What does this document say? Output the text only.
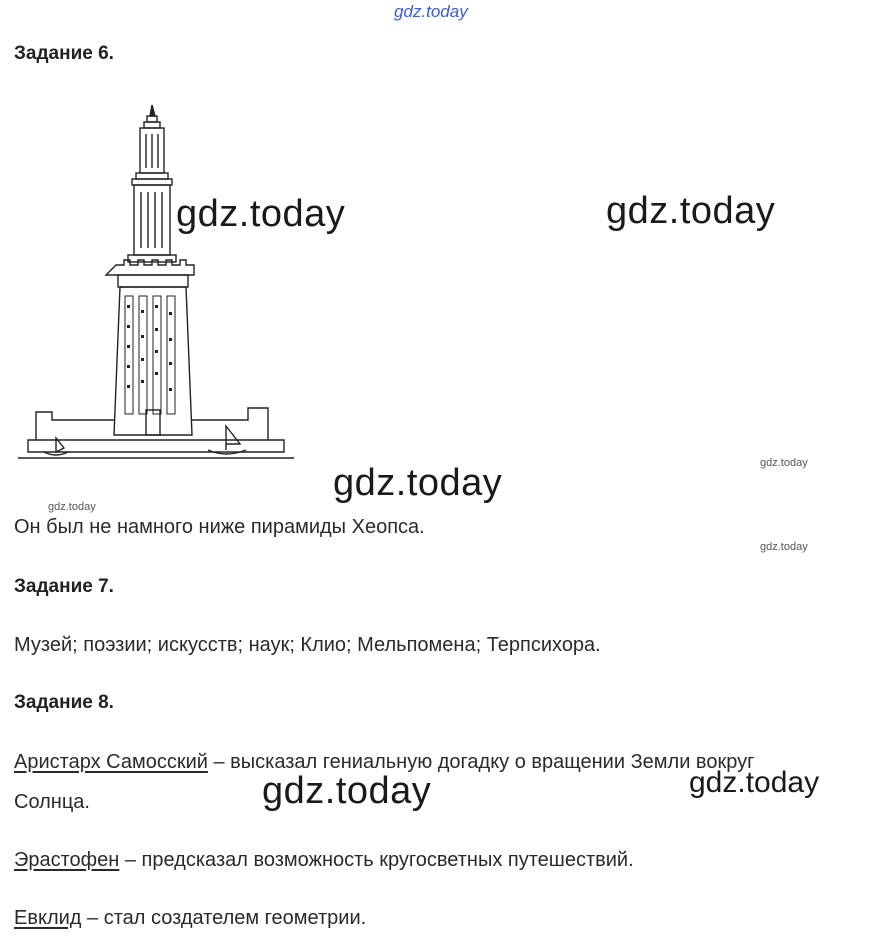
gdz.today
Задание 6.
gdz.today	gdz.today
gdz.today	gdz.today
gdz.today
gdz.today
Он был не намного ниже пирамиды Хеопса.
Задание 7.
Музей; поэзии; искусств; наук; Клио; Мельпомена; Терпсихора.
Задание 8.
Аристарх Самосский – высказал гениальную догадку о вращении Земли вокруг
Солнца.	gdz.today	gdz.today
Эрастофен – предсказал возможность кругосветных путешествий.
Евклид – стал создателем геометрии.
